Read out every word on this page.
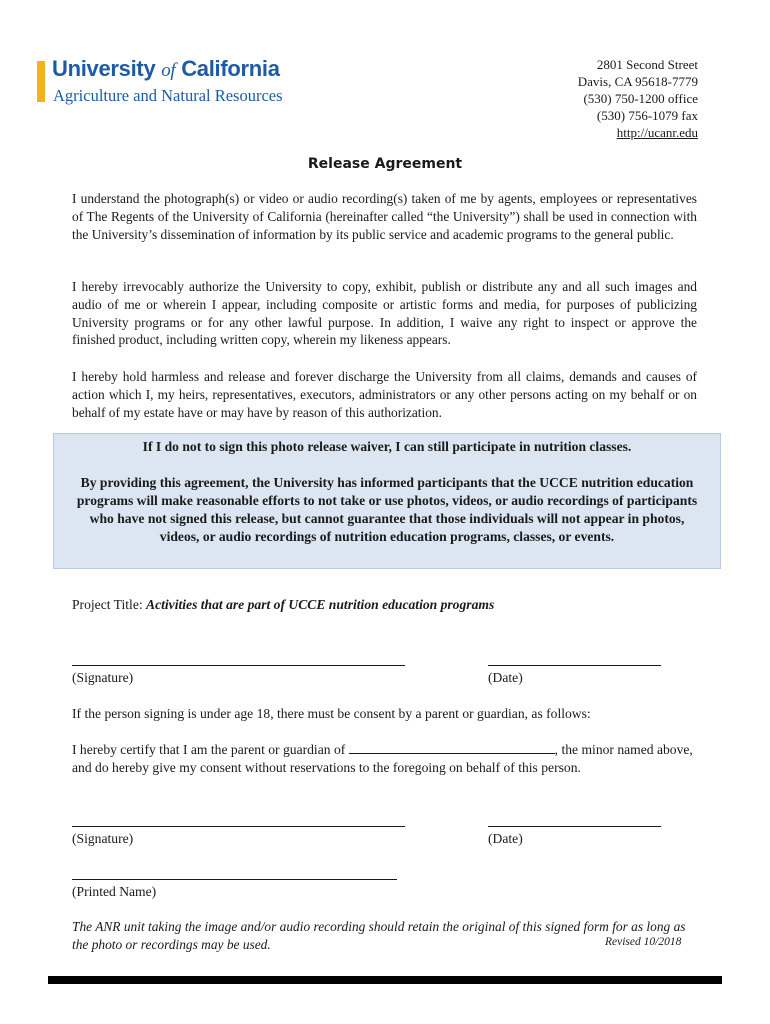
University of California
Agriculture and Natural Resources
2801 Second Street
Davis, CA 95618-7779
(530) 750-1200 office
(530) 756-1079 fax
http://ucanr.edu
Release Agreement

I understand the photograph(s) or video or audio recording(s) taken of me by agents, employees or representatives of The Regents of the University of California (hereinafter called “the University”) shall be used in connection with the University’s dissemination of information by its public service and academic programs to the general public.

I hereby irrevocably authorize the University to copy, exhibit, publish or distribute any and all such images and audio of me or wherein I appear, including composite or artistic forms and media, for purposes of publicizing University programs or for any other lawful purpose. In addition, I waive any right to inspect or approve the finished product, including written copy, wherein my likeness appears.

I hereby hold harmless and release and forever discharge the University from all claims, demands and causes of action which I, my heirs, representatives, executors, administrators or any other persons acting on my behalf or on behalf of my estate have or may have by reason of this authorization.

If I do not to sign this photo release waiver, I can still participate in nutrition classes.
By providing this agreement, the University has informed participants that the UCCE nutrition education programs will make reasonable efforts to not take or use photos, videos, or audio recordings of participants who have not signed this release, but cannot guarantee that those individuals will not appear in photos, videos, or audio recordings of nutrition education programs, classes, or events.
Project Title: Activities that are part of UCCE nutrition education programs
(Signature)	(Date)
If the person signing is under age 18, there must be consent by a parent or guardian, as follows:

I hereby certify that I am the parent or guardian of	, the minor named above, and do hereby give my consent without reservations to the foregoing on behalf of this person.

(Signature)	(Date)
(Printed Name)

The ANR unit taking the image and/or audio recording should retain the original of this signed form for as long as the photo or recordings may be used.	Revised 10/2018
